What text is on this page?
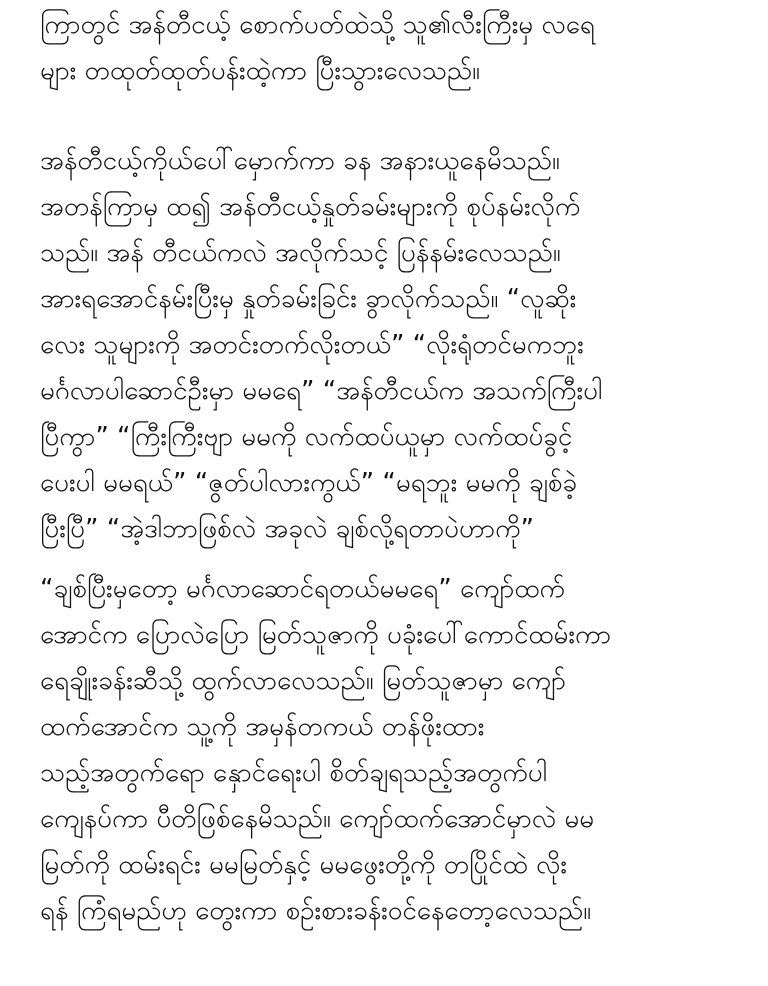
ကြာတွင် အန်တီငယ့် စောက်ပတ်ထဲသို့ သူ၏လီးကြီးမှ လရေ
များ တထုတ်ထုတ်ပန်းထဲ့ကာ ပြီးသွားလေသည်။
အန်တီငယ့်ကိုယ်ပေါ်မှောက်ကာ ခန အနားယူနေမိသည်။
အတန်ကြာမှ ထ၍ အန်တီငယ့်နှုတ်ခမ်းများကို စုပ်နမ်းလိုက်
သည်။ အန် တီငယ်ကလဲ အလိုက်သင့် ပြန်နမ်းလေသည်။
အားရအောင်နမ်းပြီးမှ နှုတ်ခမ်းခြင်း ခွာလိုက်သည်။ “လူဆိုး
လေး သူများကို အတင်းတက်လိုးတယ်” “လိုးရုံတင်မကဘူး
မင်္ဂလာပါဆောင်ဦးမှာ မမရေ” “အန်တီငယ်က အသက်ကြီးပါ
ပြီကွာ” “ကြီးကြီးဗျာ မမကို လက်ထပ်ယူမှာ လက်ထပ်ခွင့်
ပေးပါ မမရယ်” “ဇွတ်ပါလားကွယ်” “မရဘူး မမကို ချစ်ခဲ့
ပြီးပြီ” “အဲ့ဒါဘာဖြစ်လဲ အခုလဲ ချစ်လို့ရတာပဲဟာကို”
“ချစ်ပြီးမှတော့ မင်္ဂလာဆောင်ရတယ်မမရေ” ကျော်ထက်
အောင်က ပြောလဲပြော မြတ်သူဇာကို ပခုံးပေါ်ကောင်ထမ်းကာ
ရေချိုးခန်းဆီသို့ ထွက်လာလေသည်။ မြတ်သူဇာမှာ ကျော်
ထက်အောင်က သူ့ကို အမှန်တကယ် တန်ဖိုးထား
သည့်အတွက်ရော နှောင်ရေးပါ စိတ်ချရသည့်အတွက်ပါ
ကျေနပ်ကာ ပီတိဖြစ်နေမိသည်။ ကျော်ထက်အောင်မှာလဲ မမ
မြတ်ကို ထမ်းရင်း မမမြတ်နှင့် မမဖွေးတို့ကို တပြိုင်ထဲ လိုး
ရန် ကြံရမည်ဟု တွေးကာ စဉ်းစားခန်းဝင်နေတော့လေသည်။
